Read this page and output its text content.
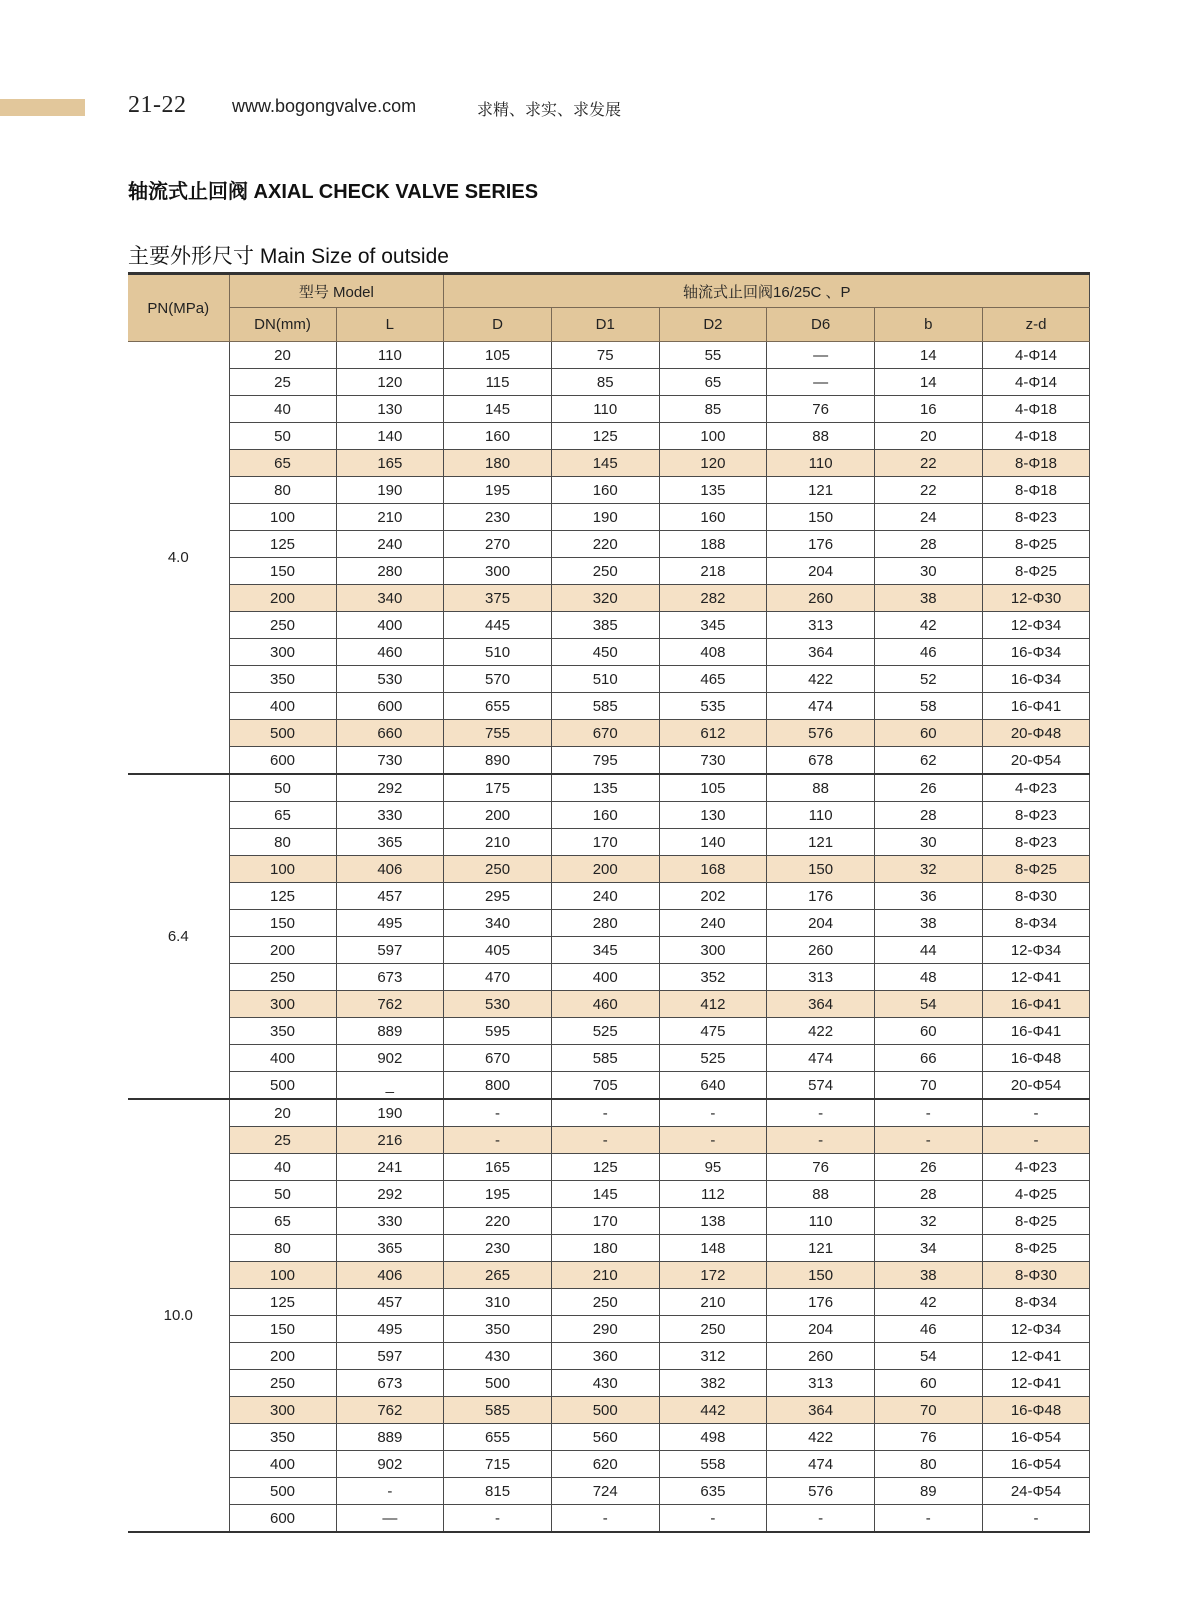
21-22	www.bogongvalve.com	求精、求实、求发展
轴流式止回阀 AXIAL CHECK VALVE SERIES
主要外形尺寸 Main Size of outside
PN(MPa)	型号 Model		轴流式止回阀16/25C 、P					
	DN(mm)	L	D	D1	D2	D6	b	z-d
4.0	20	110	105	75	55	—	14	4-Φ14
	25	120	115	85	65	—	14	4-Φ14
	40	130	145	110	85	76	16	4-Φ18
	50	140	160	125	100	88	20	4-Φ18
	65	165	180	145	120	110	22	8-Φ18
	80	190	195	160	135	121	22	8-Φ18
	100	210	230	190	160	150	24	8-Φ23
	125	240	270	220	188	176	28	8-Φ25
	150	280	300	250	218	204	30	8-Φ25
	200	340	375	320	282	260	38	12-Φ30
	250	400	445	385	345	313	42	12-Φ34
	300	460	510	450	408	364	46	16-Φ34
	350	530	570	510	465	422	52	16-Φ34
	400	600	655	585	535	474	58	16-Φ41
	500	660	755	670	612	576	60	20-Φ48
	600	730	890	795	730	678	62	20-Φ54
6.4	50	292	175	135	105	88	26	4-Φ23
	65	330	200	160	130	110	28	8-Φ23
	80	365	210	170	140	121	30	8-Φ23
	100	406	250	200	168	150	32	8-Φ25
	125	457	295	240	202	176	36	8-Φ30
	150	495	340	280	240	204	38	8-Φ34
	200	597	405	345	300	260	44	12-Φ34
	250	673	470	400	352	313	48	12-Φ41
	300	762	530	460	412	364	54	16-Φ41
	350	889	595	525	475	422	60	16-Φ41
	400	902	670	585	525	474	66	16-Φ48
	500	_	800	705	640	574	70	20-Φ54
10.0	20	190	-	-	-	-	-	-
	25	216	-	-	-	-	-	-
	40	241	165	125	95	76	26	4-Φ23
	50	292	195	145	112	88	28	4-Φ25
	65	330	220	170	138	110	32	8-Φ25
	80	365	230	180	148	121	34	8-Φ25
	100	406	265	210	172	150	38	8-Φ30
	125	457	310	250	210	176	42	8-Φ34
	150	495	350	290	250	204	46	12-Φ34
	200	597	430	360	312	260	54	12-Φ41
	250	673	500	430	382	313	60	12-Φ41
	300	762	585	500	442	364	70	16-Φ48
	350	889	655	560	498	422	76	16-Φ54
	400	902	715	620	558	474	80	16-Φ54
	500	-	815	724	635	576	89	24-Φ54
	600	—	-	-	-	-	-	-
